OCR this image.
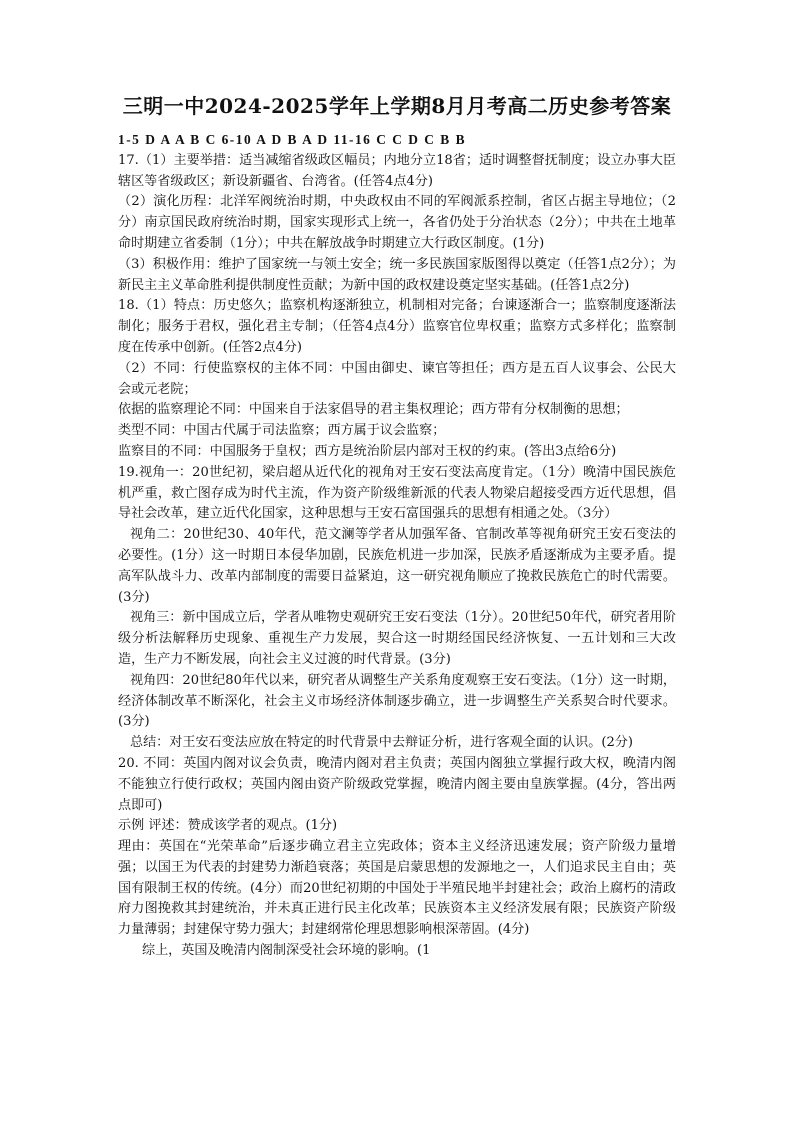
三明一中2024-2025学年上学期8月月考高二历史参考答案

1-5 D A A B C 6-10 A D B A D 11-16 C C D C B B

17.（1）主要举措：适当减缩省级政区幅员；内地分立18省；适时调整督抚制度；设立办事大臣辖区等省级政区；新设新疆省、台湾省。(任答4点4分)

（2）演化历程：北洋军阀统治时期，中央政权由不同的军阀派系控制，省区占据主导地位；（2分）南京国民政府统治时期，国家实现形式上统一，各省仍处于分治状态（2分）；中共在土地革命时期建立省委制（1分）；中共在解放战争时期建立大行政区制度。(1分)

（3）积极作用：维护了国家统一与领土安全；统一多民族国家版图得以奠定（任答1点2分）；为新民主主义革命胜利提供制度性贡献；为新中国的政权建设奠定坚实基础。(任答1点2分)

18.（1）特点：历史悠久；监察机构逐渐独立，机制相对完备；台谏逐渐合一；监察制度逐渐法制化；服务于君权，强化君主专制；（任答4点4分）监察官位卑权重；监察方式多样化；监察制度在传承中创新。(任答2点4分)

（2）不同：行使监察权的主体不同：中国由御史、谏官等担任；西方是五百人议事会、公民大会或元老院；

依据的监察理论不同：中国来自于法家倡导的君主集权理论；西方带有分权制衡的思想；

类型不同：中国古代属于司法监察；西方属于议会监察；

监察目的不同：中国服务于皇权；西方是统治阶层内部对王权的约束。(答出3点给6分)

19.视角一：20世纪初，梁启超从近代化的视角对王安石变法高度肯定。（1分）晚清中国民族危机严重，救亡图存成为时代主流，作为资产阶级维新派的代表人物梁启超接受西方近代思想，倡导社会改革，建立近代化国家，这种思想与王安石富国强兵的思想有相通之处。（3分）

视角二：20世纪30、40年代，范文澜等学者从加强军备、官制改革等视角研究王安石变法的必要性。(1分）这一时期日本侵华加剧，民族危机进一步加深，民族矛盾逐渐成为主要矛盾。提高军队战斗力、改革内部制度的需要日益紧迫，这一研究视角顺应了挽救民族危亡的时代需要。(3分)

视角三：新中国成立后，学者从唯物史观研究王安石变法（1分）。20世纪50年代，研究者用阶级分析法解释历史现象、重视生产力发展，契合这一时期经国民经济恢复、一五计划和三大改造，生产力不断发展，向社会主义过渡的时代背景。(3分)

视角四：20世纪80年代以来，研究者从调整生产关系角度观察王安石变法。（1分）这一时期，经济体制改革不断深化，社会主义市场经济体制逐步确立，进一步调整生产关系契合时代要求。(3分)

总结：对王安石变法应放在特定的时代背景中去辩证分析，进行客观全面的认识。(2分)

20. 不同：英国内阁对议会负责，晚清内阁对君主负责；英国内阁独立掌握行政大权，晚清内阁不能独立行使行政权；英国内阁由资产阶级政党掌握，晚清内阁主要由皇族掌握。(4分，答出两点即可)

示例 评述：赞成该学者的观点。(1分)

理由：英国在“光荣革命”后逐步确立君主立宪政体；资本主义经济迅速发展；资产阶级力量增强；以国王为代表的封建势力渐趋衰落；英国是启蒙思想的发源地之一，人们追求民主自由；英国有限制王权的传统。(4分）而20世纪初期的中国处于半殖民地半封建社会；政治上腐朽的清政府力图挽救其封建统治，并未真正进行民主化改革；民族资本主义经济发展有限；民族资产阶级力量薄弱；封建保守势力强大；封建纲常伦理思想影响根深蒂固。(4分)

综上，英国及晚清内阁制深受社会环境的影响。(1
